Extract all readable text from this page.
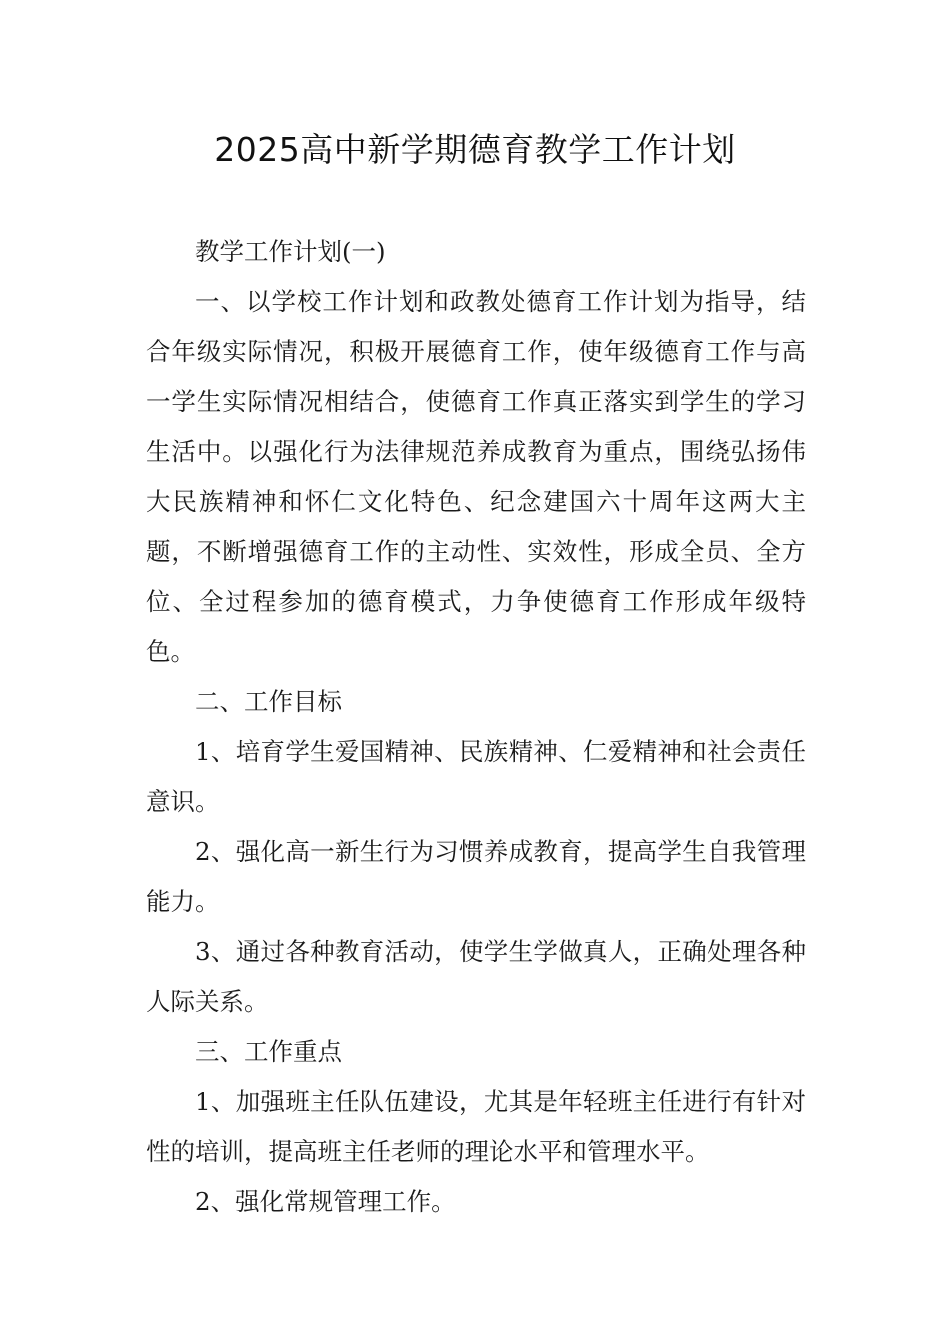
2025高中新学期德育教学工作计划

教学工作计划(一)

一、以学校工作计划和政教处德育工作计划为指导，结合年级实际情况，积极开展德育工作，使年级德育工作与高一学生实际情况相结合，使德育工作真正落实到学生的学习生活中。以强化行为法律规范养成教育为重点，围绕弘扬伟大民族精神和怀仁文化特色、纪念建国六十周年这两大主题，不断增强德育工作的主动性、实效性，形成全员、全方位、全过程参加的德育模式，力争使德育工作形成年级特色。

二、工作目标

1、培育学生爱国精神、民族精神、仁爱精神和社会责任意识。

2、强化高一新生行为习惯养成教育，提高学生自我管理能力。

3、通过各种教育活动，使学生学做真人，正确处理各种人际关系。

三、工作重点

1、加强班主任队伍建设，尤其是年轻班主任进行有针对性的培训，提高班主任老师的理论水平和管理水平。

2、强化常规管理工作。
